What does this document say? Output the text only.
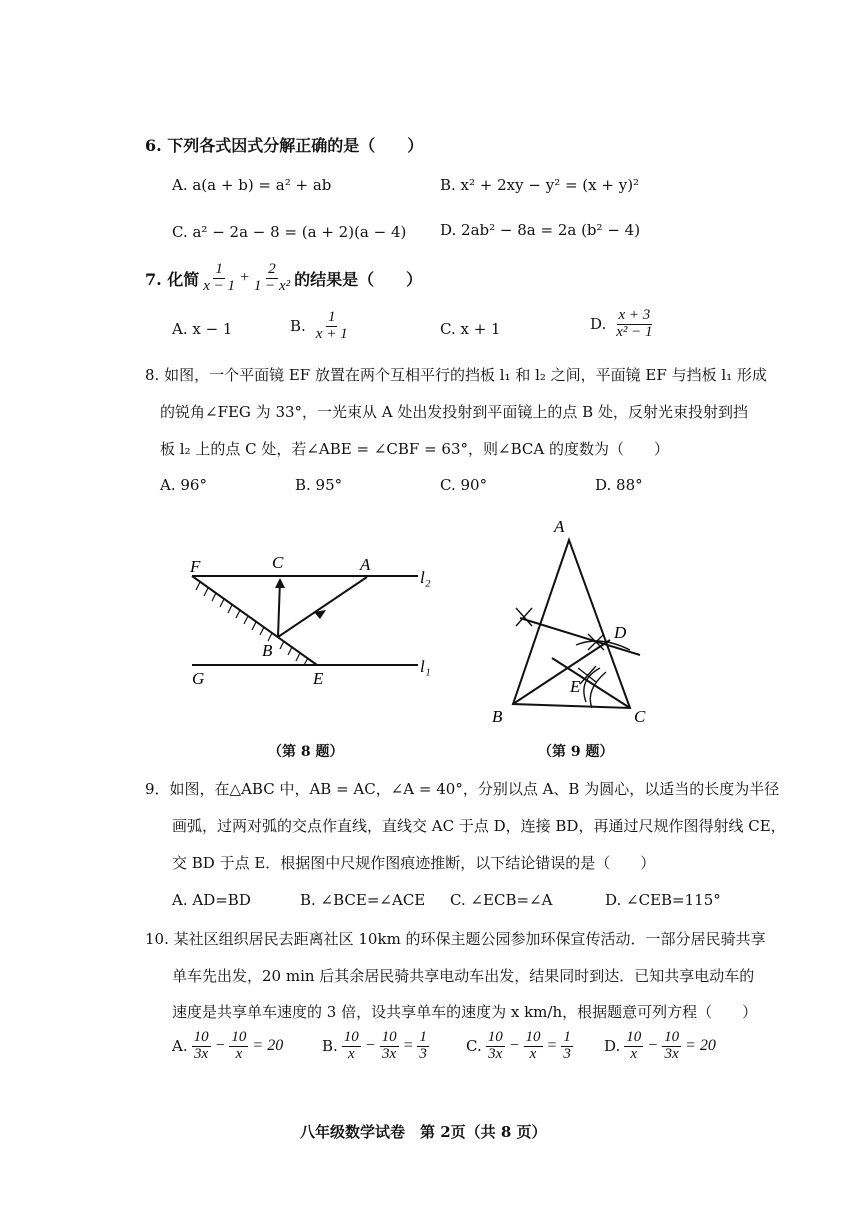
6. 下列各式因式分解正确的是（　　）
A. a(a + b) = a² + ab	B. x² + 2xy − y² = (x + y)²
C. a² − 2a − 8 = (a + 2)(a − 4) D. 2ab² − 8a = 2a (b² − 4)
7. 化简 $\frac{1}{x - 1} + \frac{2}{\text{1 − x²}}$ 的结果是（　　）
A. x − 1	B. $\frac{1}{x + 1}$	C. x + 1	D. $\frac{x + 3}{\text{x² − 1}}$
8. 如图，一个平面镜 EF 放置在两个互相平行的挡板 l₁ 和 l₂ 之间，平面镜 EF 与挡板 l₁ 形成
的锐角∠FEG 为 33°，一光束从 A 处出发投射到平面镜上的点 B 处，反射光束投射到挡
板 l₂ 上的点 C 处，若∠ABE = ∠CBF = 63°，则∠BCA 的度数为（　　）
A. 96°	B. 95°	C. 90°	D. 88°
F	C	A
l₂
B
G	E
l₁
（第 8 题）
A
D
E
B	C
（第 9 题）
9．如图，在△ABC 中，AB = AC，∠A = 40°，分别以点 A、B 为圆心，以适当的长度为半径
画弧，过两对弧的交点作直线，直线交 AC 于点 D，连接 BD，再通过尺规作图得射线 CE，
交 BD 于点 E．根据图中尺规作图痕迹推断，以下结论错误的是（　　）
A. AD=BD	B. ∠BCE=∠ACE C. ∠ECB=∠A	D. ∠CEB=115°
10. 某社区组织居民去距离社区 10km 的环保主题公园参加环保宣传活动．一部分居民骑共享
单车先出发，20 min 后其余居民骑共享电动车出发，结果同时到达．已知共享电动车的
速度是共享单车速度的 3 倍，设共享单车的速度为 x km/h，根据题意可列方程（　　）
A. $\frac{10}{3x} - \frac{10}{x} = 20$	B. $\frac{10}{x} - \frac{10}{3x} = \frac{1}{3} C$. $\frac{10}{3x} - \frac{10}{x} = \frac{1}{3} D$. $\frac{10}{x} - \frac{10}{3x} = 20$
八年级数学试卷　第 2页（共 8 页）
